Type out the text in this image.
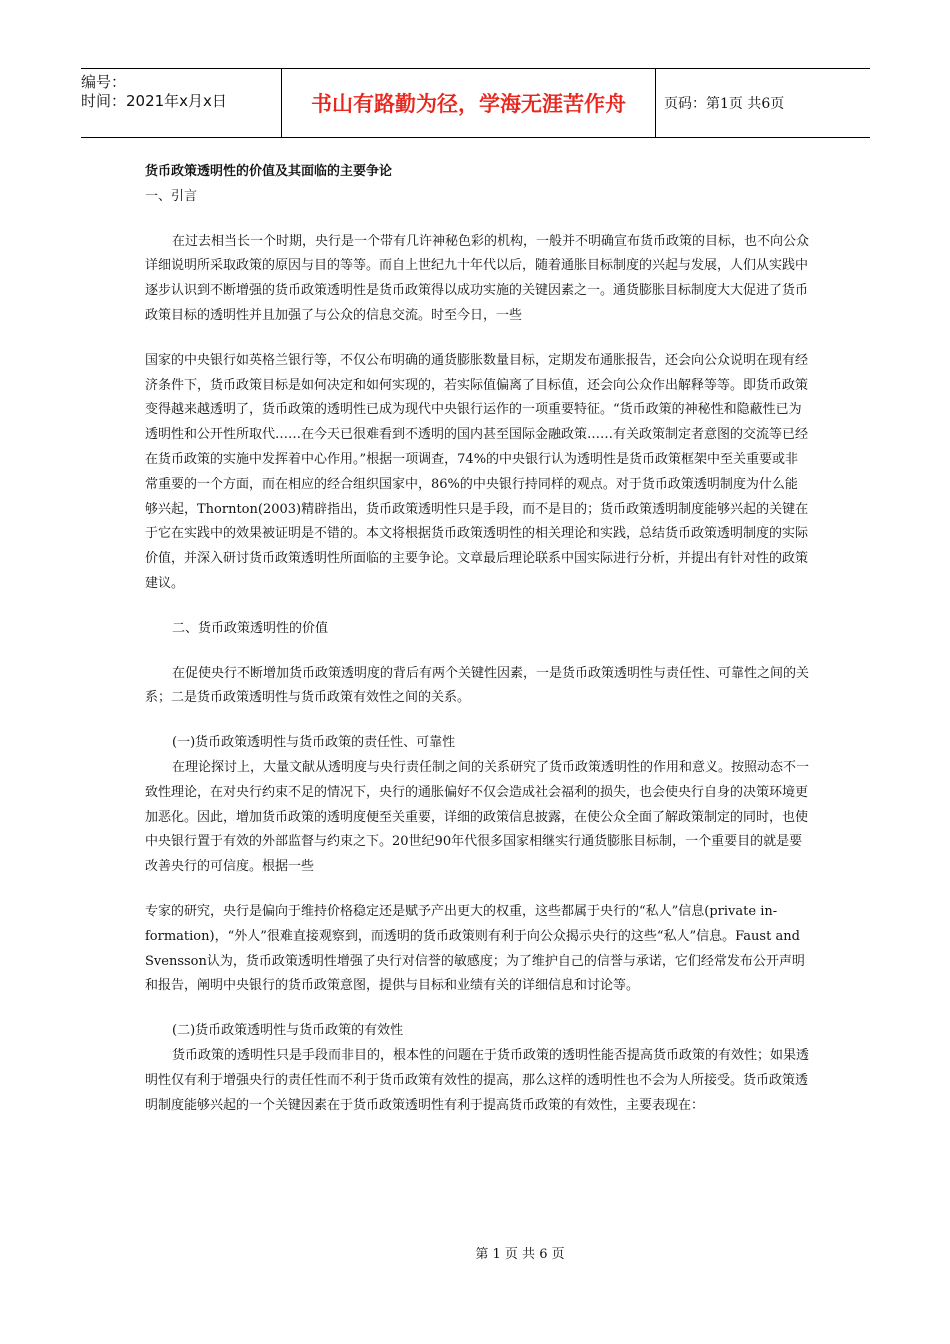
编号：
时间：2021年x月x日	书山有路勤为径，学海无涯苦作舟	页码：第1页 共6页

货币政策透明性的价值及其面临的主要争论

一、引言

在过去相当长一个时期，央行是一个带有几许神秘色彩的机构，一般并不明确宣布货币政策的目标，也不向公众详细说明所采取政策的原因与目的等等。而自上世纪九十年代以后，随着通胀目标制度的兴起与发展，人们从实践中逐步认识到不断增强的货币政策透明性是货币政策得以成功实施的关键因素之一。通货膨胀目标制度大大促进了货币政策目标的透明性并且加强了与公众的信息交流。时至今日，一些

国家的中央银行如英格兰银行等，不仅公布明确的通货膨胀数量目标，定期发布通胀报告，还会向公众说明在现有经济条件下，货币政策目标是如何决定和如何实现的，若实际值偏离了目标值，还会向公众作出解释等等。即货币政策变得越来越透明了，货币政策的透明性已成为现代中央银行运作的一项重要特征。“货币政策的神秘性和隐蔽性已为透明性和公开性所取代……在今天已很难看到不透明的国内甚至国际金融政策……有关政策制定者意图的交流等已经在货币政策的实施中发挥着中心作用。”根据一项调查，74%的中央银行认为透明性是货币政策框架中至关重要或非常重要的一个方面，而在相应的经合组织国家中，86%的中央银行持同样的观点。对于货币政策透明制度为什么能够兴起，Thornton(2003)精辟指出，货币政策透明性只是手段，而不是目的；货币政策透明制度能够兴起的关键在于它在实践中的效果被证明是不错的。本文将根据货币政策透明性的相关理论和实践，总结货币政策透明制度的实际价值，并深入研讨货币政策透明性所面临的主要争论。文章最后理论联系中国实际进行分析，并提出有针对性的政策建议。

二、货币政策透明性的价值

在促使央行不断增加货币政策透明度的背后有两个关键性因素，一是货币政策透明性与责任性、可靠性之间的关系；二是货币政策透明性与货币政策有效性之间的关系。

(一)货币政策透明性与货币政策的责任性、可靠性

在理论探讨上，大量文献从透明度与央行责任制之间的关系研究了货币政策透明性的作用和意义。按照动态不一致性理论，在对央行约束不足的情况下，央行的通胀偏好不仅会造成社会福利的损失，也会使央行自身的决策环境更加恶化。因此，增加货币政策的透明度便至关重要，详细的政策信息披露，在使公众全面了解政策制定的同时，也使中央银行置于有效的外部监督与约束之下。20世纪90年代很多国家相继实行通货膨胀目标制，一个重要目的就是要改善央行的可信度。根据一些

专家的研究，央行是偏向于维持价格稳定还是赋予产出更大的权重，这些都属于央行的“私人”信息(private in-formation)，“外人”很难直接观察到，而透明的货币政策则有利于向公众揭示央行的这些“私人”信息。Faust and Svensson认为，货币政策透明性增强了央行对信誉的敏感度；为了维护自己的信誉与承诺，它们经常发布公开声明和报告，阐明中央银行的货币政策意图，提供与目标和业绩有关的详细信息和讨论等。

(二)货币政策透明性与货币政策的有效性

货币政策的透明性只是手段而非目的，根本性的问题在于货币政策的透明性能否提高货币政策的有效性；如果透明性仅有利于增强央行的责任性而不利于货币政策有效性的提高，那么这样的透明性也不会为人所接受。货币政策透明制度能够兴起的一个关键因素在于货币政策透明性有利于提高货币政策的有效性，主要表现在：

第 1 页 共 6 页
